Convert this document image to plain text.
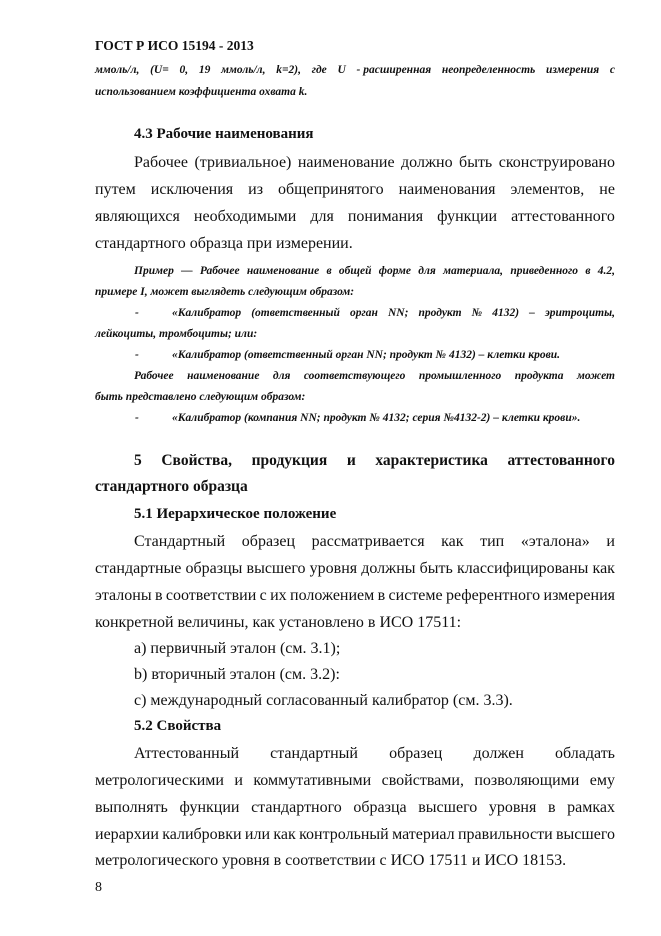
ГОСТ Р ИСО 15194 - 2013
ммоль/л, (U= 0, 19 ммоль/л, k=2), где U - расширенная неопределенность измерения с
использованием коэффициента охвата k.
4.3 Рабочие наименования
Рабочее (тривиальное) наименование должно быть сконструировано
путем исключения из общепринятого наименования элементов, не
являющихся необходимыми для понимания функции аттестованного
стандартного образца при измерении.
Пример — Рабочее наименование в общей форме для материала, приведенного в 4.2,
примере I, может выглядеть следующим образом:
-	«Калибратор (ответственный орган NN; продукт № 4132) – эритроциты,
лейкоциты, тромбоциты; или:
-	«Калибратор (ответственный орган NN; продукт № 4132) – клетки крови.
Рабочее наименование для соответствующего промышленного продукта может
быть представлено следующим образом:
-	«Калибратор (компания NN; продукт № 4132; серия №4132-2) – клетки крови».
5 Свойства, продукция и характеристика аттестованного
стандартного образца
5.1 Иерархическое положение
Стандартный образец рассматривается как тип «эталона» и
стандартные образцы высшего уровня должны быть классифицированы как
эталоны в соответствии с их положением в системе референтного измерения
конкретной величины, как установлено в ИСО 17511:
а) первичный эталон (см. 3.1);
b) вторичный эталон (см. 3.2):
c) международный согласованный калибратор (см. 3.3).
5.2 Свойства
Аттестованный стандартный образец должен обладать
метрологическими и коммутативными свойствами, позволяющими ему
выполнять функции стандартного образца высшего уровня в рамках
иерархии калибровки или как контрольный материал правильности высшего
метрологического уровня в соответствии с ИСО 17511 и ИСО 18153.
8
